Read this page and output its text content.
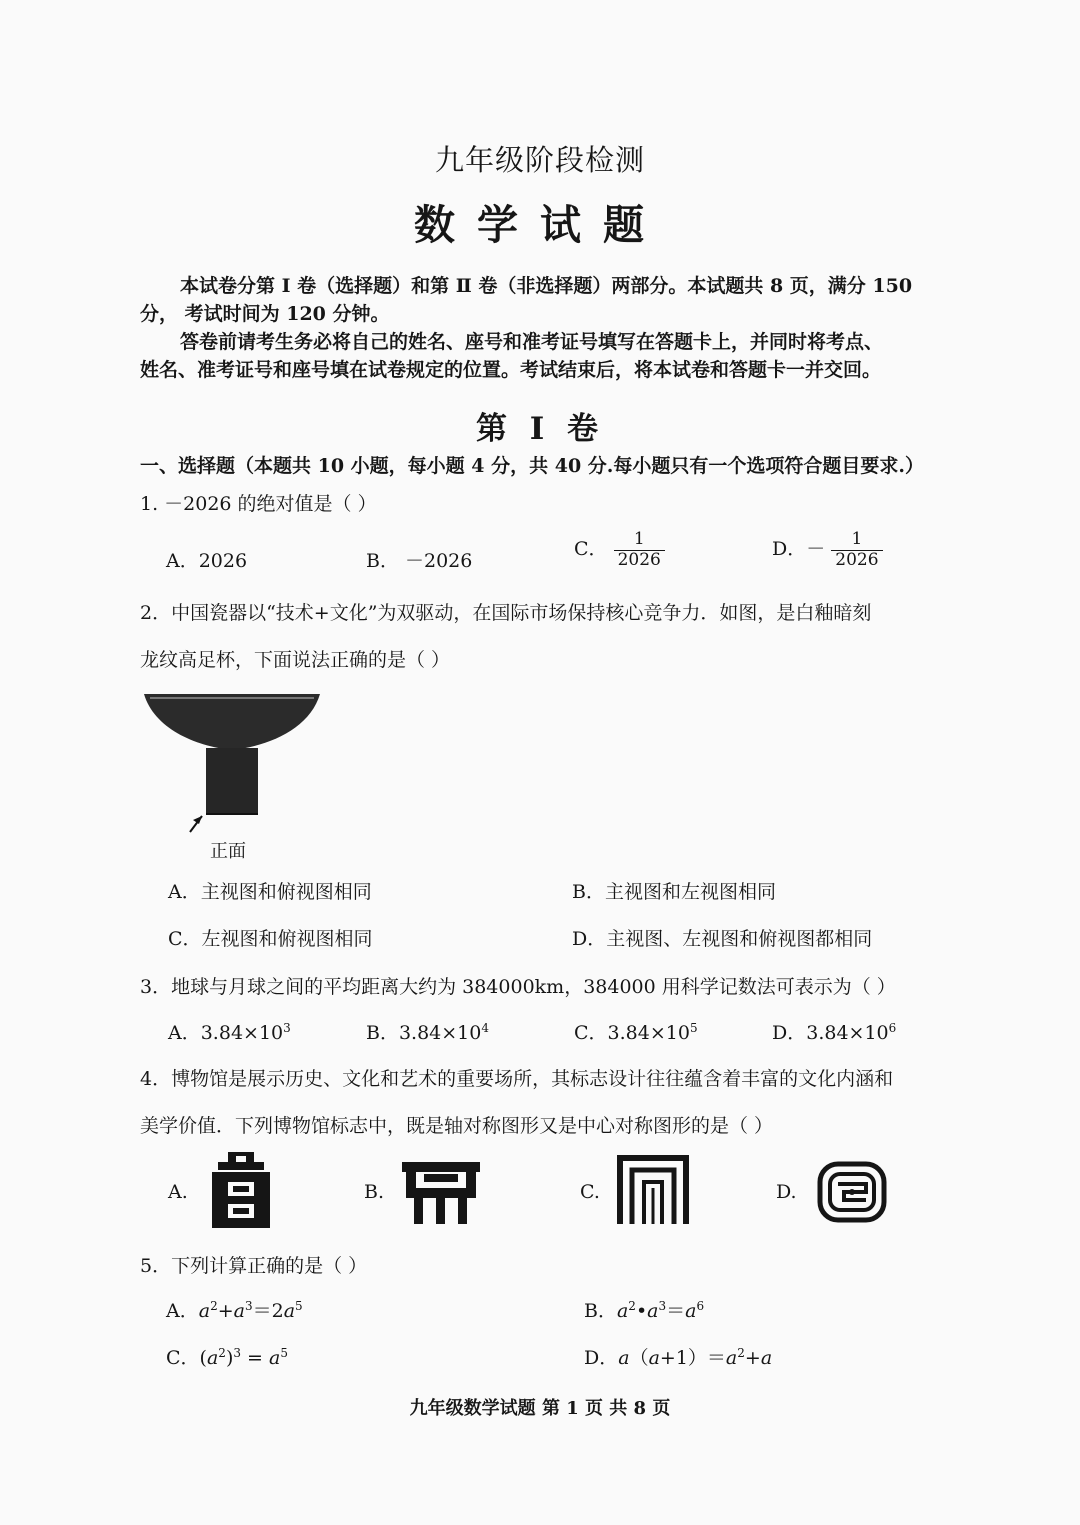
九年级阶段检测
数学试题
本试卷分第 Ⅰ 卷（选择题）和第 Ⅱ 卷（非选择题）两部分。本试题共 8 页，满分 150
分， 考试时间为 120 分钟。
答卷前请考生务必将自己的姓名、座号和准考证号填写在答题卡上，并同时将考点、
姓名、准考证号和座号填在试卷规定的位置。考试结束后，将本试卷和答题卡一并交回。
第 I 卷
一、选择题（本题共 10 小题，每小题 4 分，共 40 分.每小题只有一个选项符合题目要求.）
1. －2026 的绝对值是（ ）
A．2026	B． －2026
C． $\frac{1}{2026}$	D．－ $\frac{1}{2026}$
2．中国瓷器以“技术+文化”为双驱动，在国际市场保持核心竞争力．如图，是白釉暗刻
龙纹高足杯，下面说法正确的是（ ）
正面
A．主视图和俯视图相同	B．主视图和左视图相同
C．左视图和俯视图相同	D．主视图、左视图和俯视图都相同
3．地球与月球之间的平均距离大约为 384000km，384000 用科学记数法可表示为（ ）
A．$3.84\times 10^3$	B．$3.84\times 10^4$	C．$3.84\times 10^5$	D．$3.84\times 10^6$
4．博物馆是展示历史、文化和艺术的重要场所，其标志设计往往蕴含着丰富的文化内涵和
美学价值．下列博物馆标志中，既是轴对称图形又是中心对称图形的是（ ）
A.	B.	C.	D.
5．下列计算正确的是（ ）
A．$a^2+a^3=2a^5$	B．$a^2•a^3=a^6$
C．$(a^2)^3 = a^5$	D．$a(a+1)=a^2+a$
九年级数学试题 第 1 页 共 8 页
